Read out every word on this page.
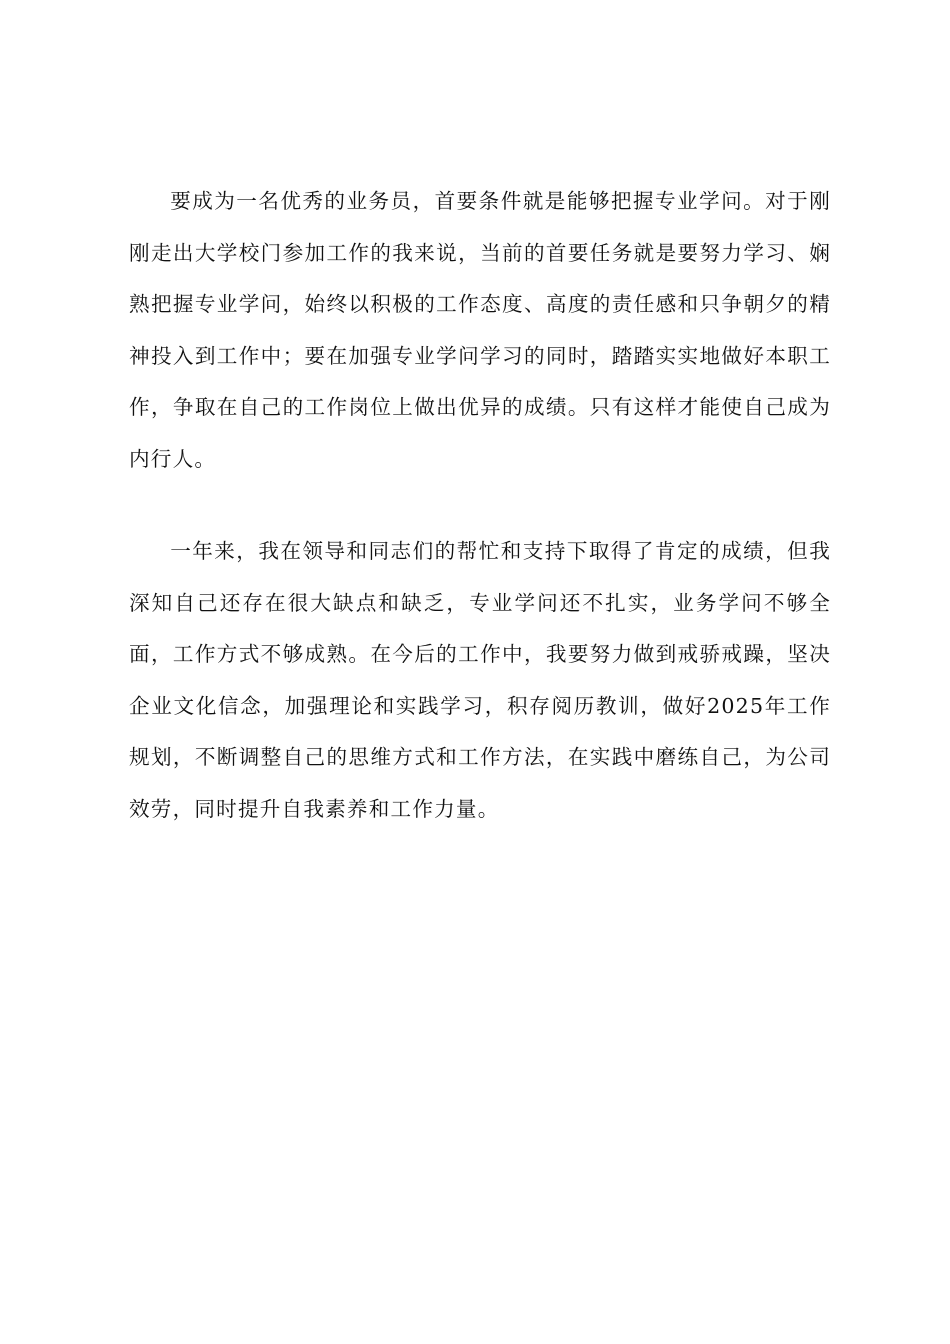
要成为一名优秀的业务员，首要条件就是能够把握专业学问。对于刚刚走出大学校门参加工作的我来说，当前的首要任务就是要努力学习、娴熟把握专业学问，始终以积极的工作态度、高度的责任感和只争朝夕的精神投入到工作中；要在加强专业学问学习的同时，踏踏实实地做好本职工作，争取在自己的工作岗位上做出优异的成绩。只有这样才能使自己成为内行人。

一年来，我在领导和同志们的帮忙和支持下取得了肯定的成绩，但我深知自己还存在很大缺点和缺乏，专业学问还不扎实，业务学问不够全面，工作方式不够成熟。在今后的工作中，我要努力做到戒骄戒躁，坚决企业文化信念，加强理论和实践学习，积存阅历教训，做好2025年工作规划，不断调整自己的思维方式和工作方法，在实践中磨练自己，为公司效劳，同时提升自我素养和工作力量。
